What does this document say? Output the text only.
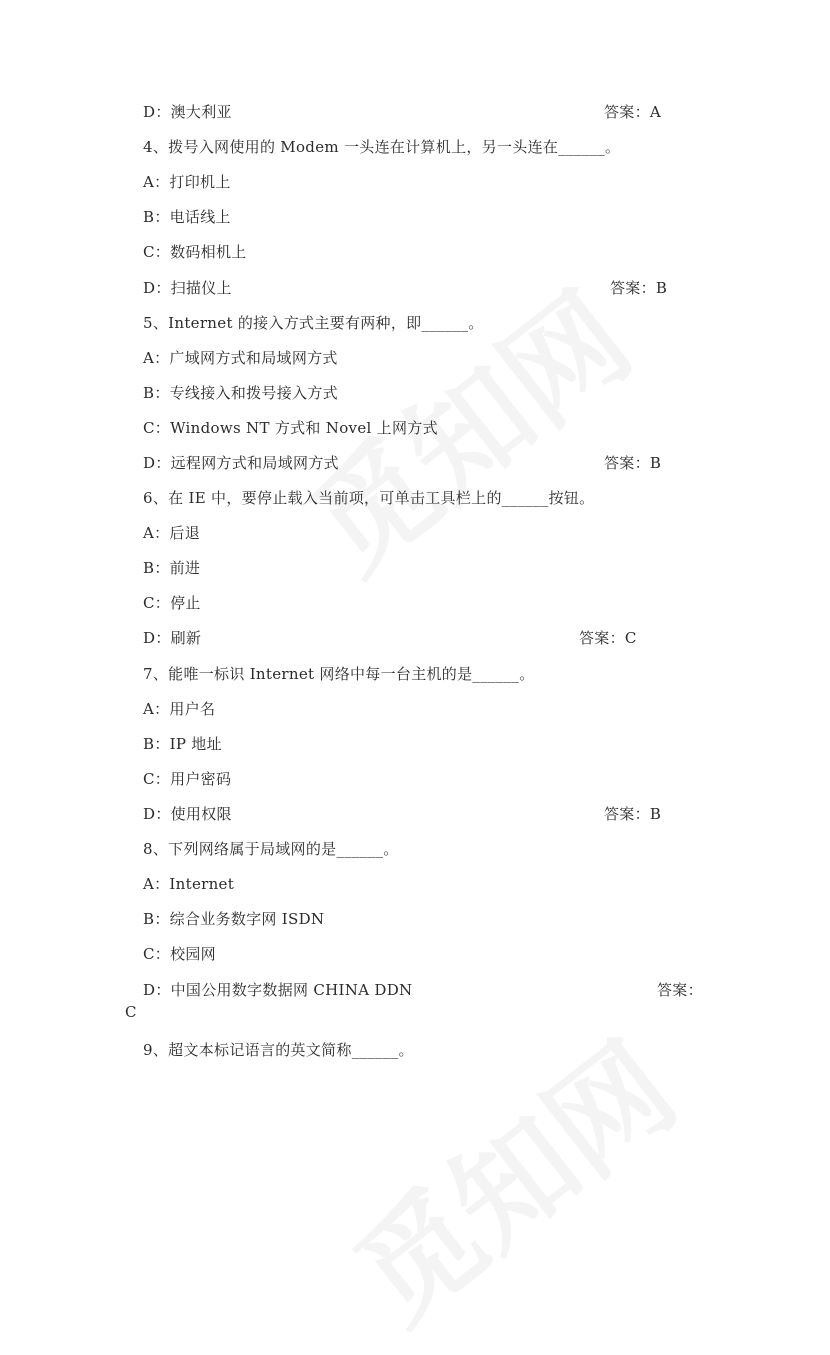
D：澳大利亚	答案：A
4、拨号入网使用的 Modem 一头连在计算机上，另一头连在______。
A：打印机上
B：电话线上
C：数码相机上
D：扫描仪上	答案：B
5、Internet 的接入方式主要有两种，即______。
A：广域网方式和局域网方式
B：专线接入和拨号接入方式
C：Windows NT 方式和 Novel 上网方式
D：远程网方式和局域网方式	答案：B
6、在 IE 中，要停止载入当前项，可单击工具栏上的______按钮。
A：后退
B：前进
C：停止
D：刷新	答案：C
7、能唯一标识 Internet 网络中每一台主机的是______。
A：用户名
B：IP 地址
C：用户密码
D：使用权限	答案：B
8、下列网络属于局域网的是______。
A：Internet
B：综合业务数字网 ISDN
C：校园网
D：中国公用数字数据网 CHINA DDN	答案：
C
9、超文本标记语言的英文简称______。
